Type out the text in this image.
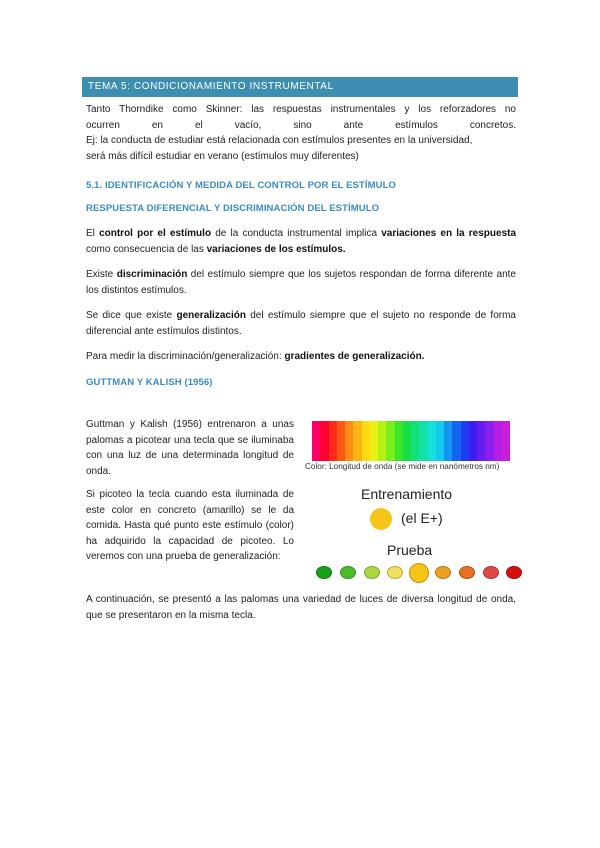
TEMA 5: CONDICIONAMIENTO INSTRUMENTAL
Tanto Thorndike como Skinner: las respuestas instrumentales y los reforzadores no
ocurren en el vacío, sino ante estímulos concretos.
Ej: la conducta de estudiar está relacionada con estímulos presentes en la universidad,
será más difícil estudiar en verano (estímulos muy diferentes)
5.1. IDENTIFICACIÓN Y MEDIDA DEL CONTROL POR EL ESTÍMULO
RESPUESTA DIFERENCIAL Y DISCRIMINACIÓN DEL ESTÍMULO
El control por el estímulo de la conducta instrumental implica variaciones en la respuesta como consecuencia de las variaciones de los estímulos.
Existe discriminación del estímulo siempre que los sujetos respondan de forma diferente ante los distintos estímulos.
Se dice que existe generalización del estímulo siempre que el sujeto no responde de forma diferencial ante estímulos distintos.
Para medir la discriminación/generalización: gradientes de generalización.
GUTTMAN Y KALISH (1956)
Guttman y Kalish (1956) entrenaron a unas palomas a picotear una tecla que se iluminaba con una luz de una determinada longitud de onda.
Si picoteo la tecla cuando esta iluminada de este color en concreto (amarillo) se le da comida. Hasta qué punto este estímulo (color) ha adquirido la capacidad de picoteo. Lo veremos con una prueba de generalización:
Color: Longitud de onda (se mide en nanómetros nm)
Entrenamiento
(el E+)
Prueba
A continuación, se presentó a las palomas una variedad de luces de diversa longitud de onda, que se presentaron en la misma tecla.
